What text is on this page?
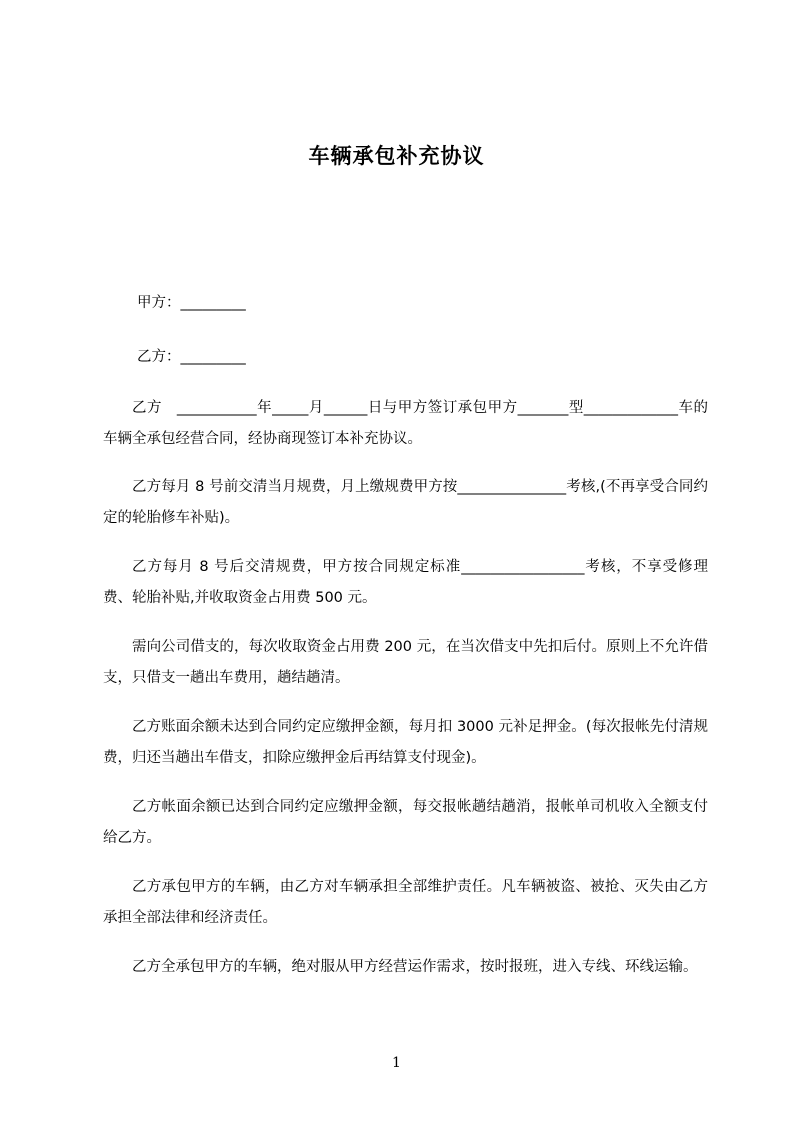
车辆承包补充协议
甲方：_________
乙方：_________
乙方　___________年_____月______日与甲方签订承包甲方_______型_____________车的车辆全承包经营合同，经协商现签订本补充协议。
乙方每月 8 号前交清当月规费，月上缴规费甲方按_______________考核,(不再享受合同约定的轮胎修车补贴)。
乙方每月 8 号后交清规费，甲方按合同规定标准_________________考核，不享受修理费、轮胎补贴,并收取资金占用费 500 元。
需向公司借支的，每次收取资金占用费 200 元，在当次借支中先扣后付。原则上不允许借支，只借支一趟出车费用，趟结趟清。
乙方账面余额未达到合同约定应缴押金额，每月扣 3000 元补足押金。(每次报帐先付清规费，归还当趟出车借支，扣除应缴押金后再结算支付现金)。
乙方帐面余额已达到合同约定应缴押金额，每交报帐趟结趟消，报帐单司机收入全额支付给乙方。
乙方承包甲方的车辆，由乙方对车辆承担全部维护责任。凡车辆被盗、被抢、灭失由乙方承担全部法律和经济责任。
乙方全承包甲方的车辆，绝对服从甲方经营运作需求，按时报班，进入专线、环线运输。
1
